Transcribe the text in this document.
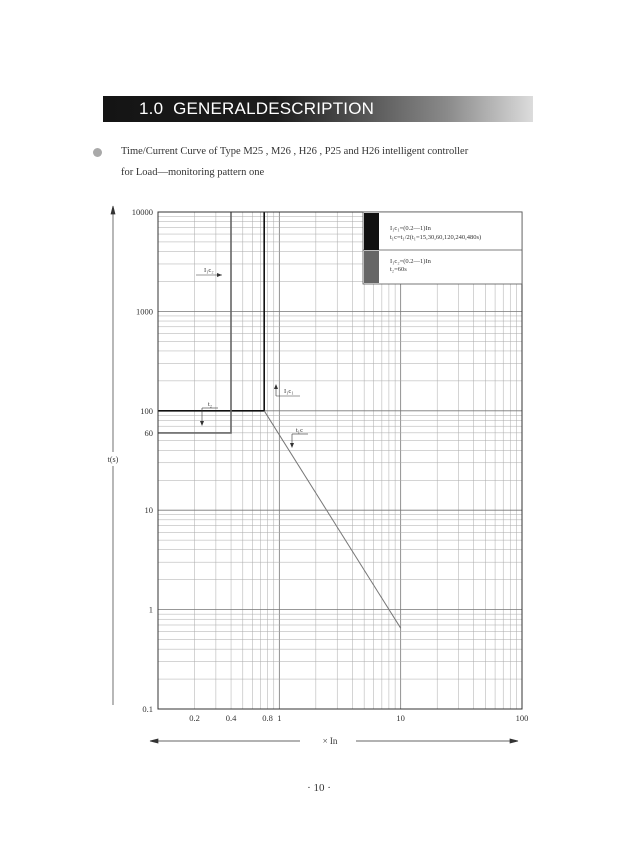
1.0  GENERALDESCRIPTION
Time/Current Curve of Type M25 , M26 , H26 , P25 and H26 intelligent controller
for Load—monitoring pattern one
0.2	0.4	0.8 1	10	100
0.1
1
10
60
100
1000
10000
I₁c₁=(0.2—1)In
t₁c=t₁/2(t₁=15,30,60,120,240,480s)
I₁c₂=(0.2—1)In
t₂=60s
I₁c₂
t₂
I₁c₁
t₁c
t(s)
× In
· 10 ·
